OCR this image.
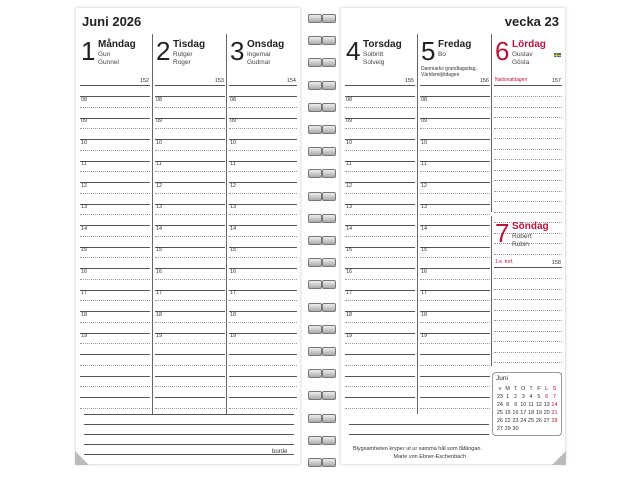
Juni 2026
1 Måndag
Gun
Gunnel
152
08
09
10
11
12
13
14
15
16
17
18
19
2 Tisdag
Rutger
Roger
153
08
09
10
11
12
13
14
15
16
17
18
19
3 Onsdag
Ingemar
Gudmar
154
08
09
10
11
12
13
14
15
16
17
18
19
burde
vecka 23
4 Torsdag
Solbritt
Solveig
155
08
09
10
11
12
13
14
15
16
17
18
19
5 Fredag
Bo
Danmarks grundlagsdag,
Världsmiljödagen
156
08
09
10
11
12
13
14
15
16
17
18
19
6 Lördag
Gustav
Gösta
Nationaldagen	157
7 Söndag
Robert
Robin
1:e. tref.	158
Blygsamheten kryper ut ur samma hål som fåfängan.
Marie von Ebner-Eschenbach
Juni
v M T O T F L S
23 1 2 3 4 5 6 7
24 8 9 10 11 12 13 14
25 15 16 17 18 19 20 21
26 22 23 24 25 26 27 28
27 29 30
